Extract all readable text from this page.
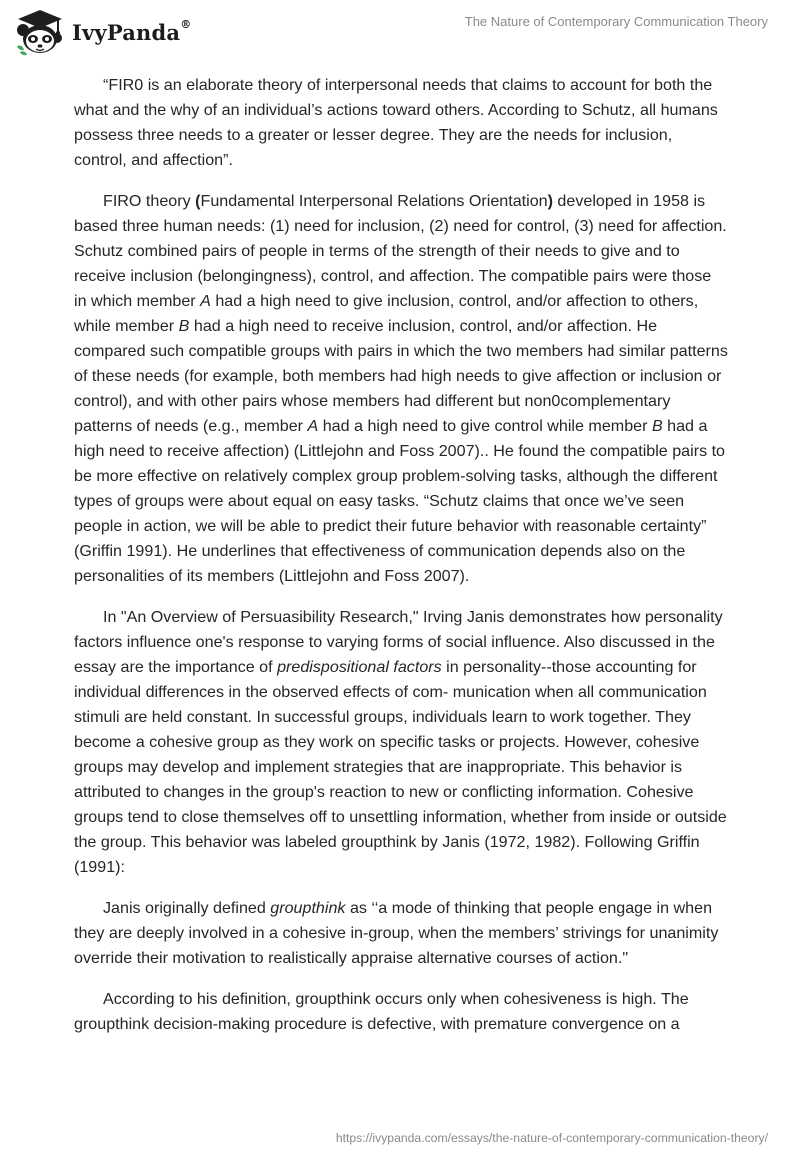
IvyPanda®	The Nature of Contemporary Communication Theory

“FIR0 is an elaborate theory of interpersonal needs that claims to account for both the what and the why of an individual’s actions toward others. According to Schutz, all humans possess three needs to a greater or lesser degree. They are the needs for inclusion, control, and affection”.

FIRO theory (Fundamental Interpersonal Relations Orientation) developed in 1958 is based three human needs: (1) need for inclusion, (2) need for control, (3) need for affection. Schutz combined pairs of people in terms of the strength of their needs to give and to receive inclusion (belongingness), control, and affection. The compatible pairs were those in which member A had a high need to give inclusion, control, and/or affection to others, while member B had a high need to receive inclusion, control, and/or affection. He compared such compatible groups with pairs in which the two members had similar patterns of these needs (for example, both members had high needs to give affection or inclusion or control), and with other pairs whose members had different but non0complementary patterns of needs (e.g., member A had a high need to give control while member B had a high need to receive affection) (Littlejohn and Foss 2007).. He found the compatible pairs to be more effective on relatively complex group problem-solving tasks, although the different types of groups were about equal on easy tasks. “Schutz claims that once we’ve seen people in action, we will be able to predict their future behavior with reasonable certainty” (Griffin 1991). He underlines that effectiveness of communication depends also on the personalities of its members (Littlejohn and Foss 2007).

In "An Overview of Persuasibility Research," Irving Janis demonstrates how personality factors influence one's response to varying forms of social influence. Also discussed in the essay are the importance of predispositional factors in personality--those accounting for individual differences in the observed effects of com- munication when all communication stimuli are held constant. In successful groups, individuals learn to work together. They become a cohesive group as they work on specific tasks or projects. However, cohesive groups may develop and implement strategies that are inappropriate. This behavior is attributed to changes in the group's reaction to new or conflicting information. Cohesive groups tend to close themselves off to unsettling information, whether from inside or outside the group. This behavior was labeled groupthink by Janis (1972, 1982). Following Griffin (1991):

Janis originally defined groupthink as ‘‘a mode of thinking that people engage in when they are deeply involved in a cohesive in-group, when the members’ strivings for unanimity override their motivation to realistically appraise alternative courses of action."

According to his definition, groupthink occurs only when cohesiveness is high. The groupthink decision-making procedure is defective, with premature convergence on a

https://ivypanda.com/essays/the-nature-of-contemporary-communication-theory/
